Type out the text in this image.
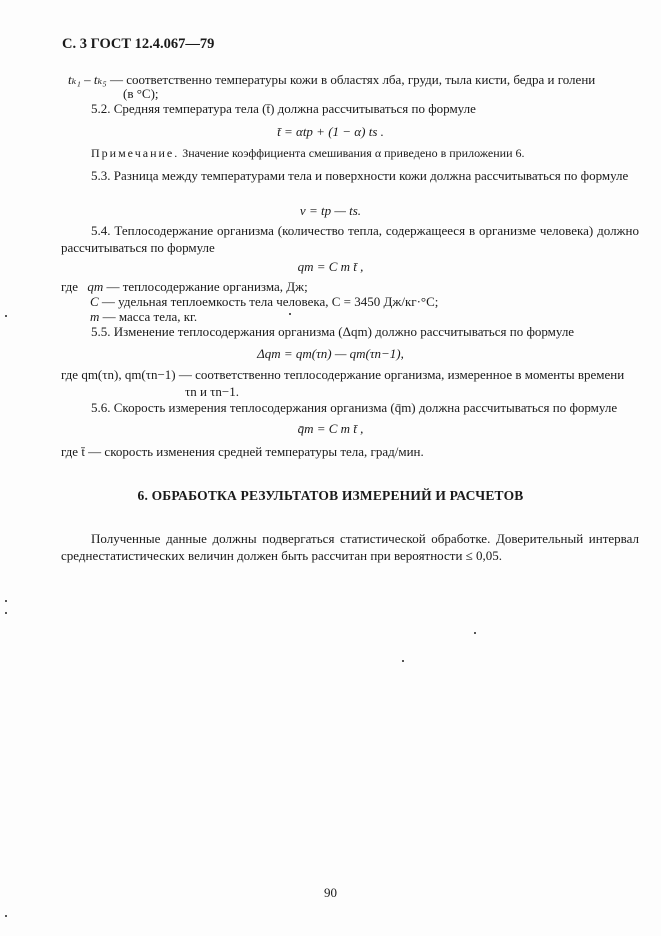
С. 3 ГОСТ 12.4.067—79
tₖ₁ – tₖ₅ — соответственно температуры кожи в областях лба, груди, тыла кисти, бедра и голени
(в °С);
5.2. Средняя температура тела (t̄) должна рассчитываться по формуле
t̄ = αtр + (1 − α) ts .
Примечание. Значение коэффициента смешивания α приведено в приложении 6.
5.3. Разница между температурами тела и поверхности кожи должна рассчитываться по формуле
ν = tр — ts.
5.4. Теплосодержание организма (количество тепла, содержащееся в организме человека) должно рассчитываться по формуле
qm = C m t̄ ,
где qm — теплосодержание организма, Дж;
C — удельная теплоемкость тела человека, C = 3450 Дж/кг·°С;
m — масса тела, кг.
5.5. Изменение теплосодержания организма (Δqm) должно рассчитываться по формуле
Δqm = qm(τn) — qm(τn−1),
где qm(τn), qm(τn−1) — соответственно теплосодержание организма, измеренное в моменты времени
τn и τn−1.
5.6. Скорость измерения теплосодержания организма (q̄m) должна рассчитываться по формуле
q̄m = C m t̄ ,
где t̄ — скорость изменения средней температуры тела, град/мин.
6. ОБРАБОТКА РЕЗУЛЬТАТОВ ИЗМЕРЕНИЙ И РАСЧЕТОВ
Полученные данные должны подвергаться статистической обработке. Доверительный интервал среднестатистических величин должен быть рассчитан при вероятности ≤ 0,05.
90
